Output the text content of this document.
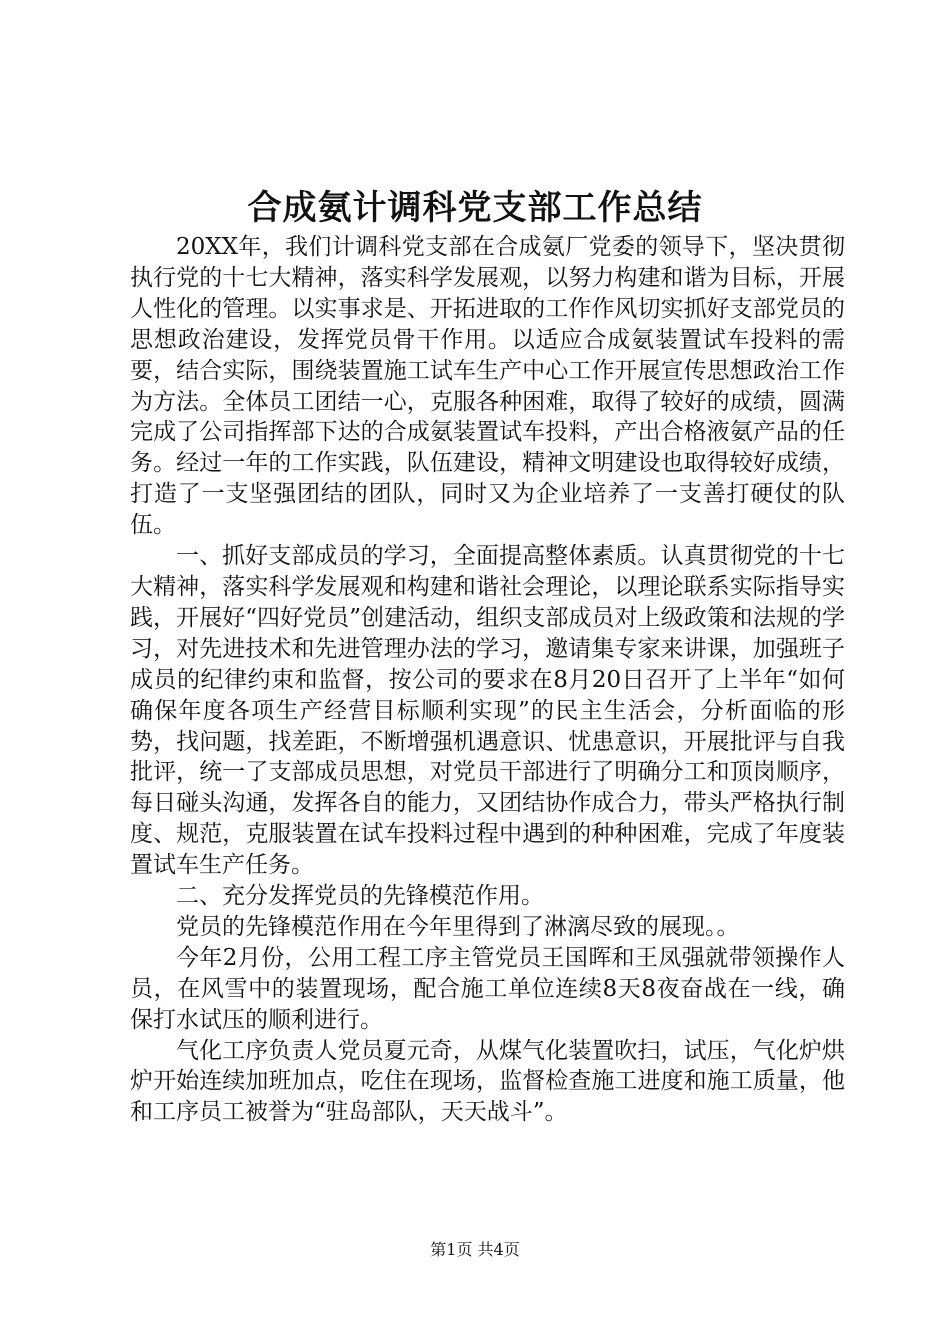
合成氨计调科党支部工作总结

20XX年，我们计调科党支部在合成氨厂党委的领导下，坚决贯彻执行党的十七大精神，落实科学发展观，以努力构建和谐为目标，开展人性化的管理。以实事求是、开拓进取的工作作风切实抓好支部党员的思想政治建设，发挥党员骨干作用。以适应合成氨装置试车投料的需要，结合实际，围绕装置施工试车生产中心工作开展宣传思想政治工作为方法。全体员工团结一心，克服各种困难，取得了较好的成绩，圆满完成了公司指挥部下达的合成氨装置试车投料，产出合格液氨产品的任务。经过一年的工作实践，队伍建设，精神文明建设也取得较好成绩，打造了一支坚强团结的团队，同时又为企业培养了一支善打硬仗的队伍。

一、抓好支部成员的学习，全面提高整体素质。认真贯彻党的十七大精神，落实科学发展观和构建和谐社会理论，以理论联系实际指导实践，开展好“四好党员”创建活动，组织支部成员对上级政策和法规的学习，对先进技术和先进管理办法的学习，邀请集专家来讲课，加强班子成员的纪律约束和监督，按公司的要求在8月20日召开了上半年“如何确保年度各项生产经营目标顺利实现”的民主生活会，分析面临的形势，找问题，找差距，不断增强机遇意识、忧患意识，开展批评与自我批评，统一了支部成员思想，对党员干部进行了明确分工和顶岗顺序，每日碰头沟通，发挥各自的能力，又团结协作成合力，带头严格执行制度、规范，克服装置在试车投料过程中遇到的种种困难，完成了年度装置试车生产任务。

二、充分发挥党员的先锋模范作用。

党员的先锋模范作用在今年里得到了淋漓尽致的展现。。

今年2月份，公用工程工序主管党员王国晖和王凤强就带领操作人员，在风雪中的装置现场，配合施工单位连续8天8夜奋战在一线，确保打水试压的顺利进行。

气化工序负责人党员夏元奇，从煤气化装置吹扫，试压，气化炉烘炉开始连续加班加点，吃住在现场，监督检查施工进度和施工质量，他和工序员工被誉为“驻岛部队，天天战斗”。

第1页 共4页
